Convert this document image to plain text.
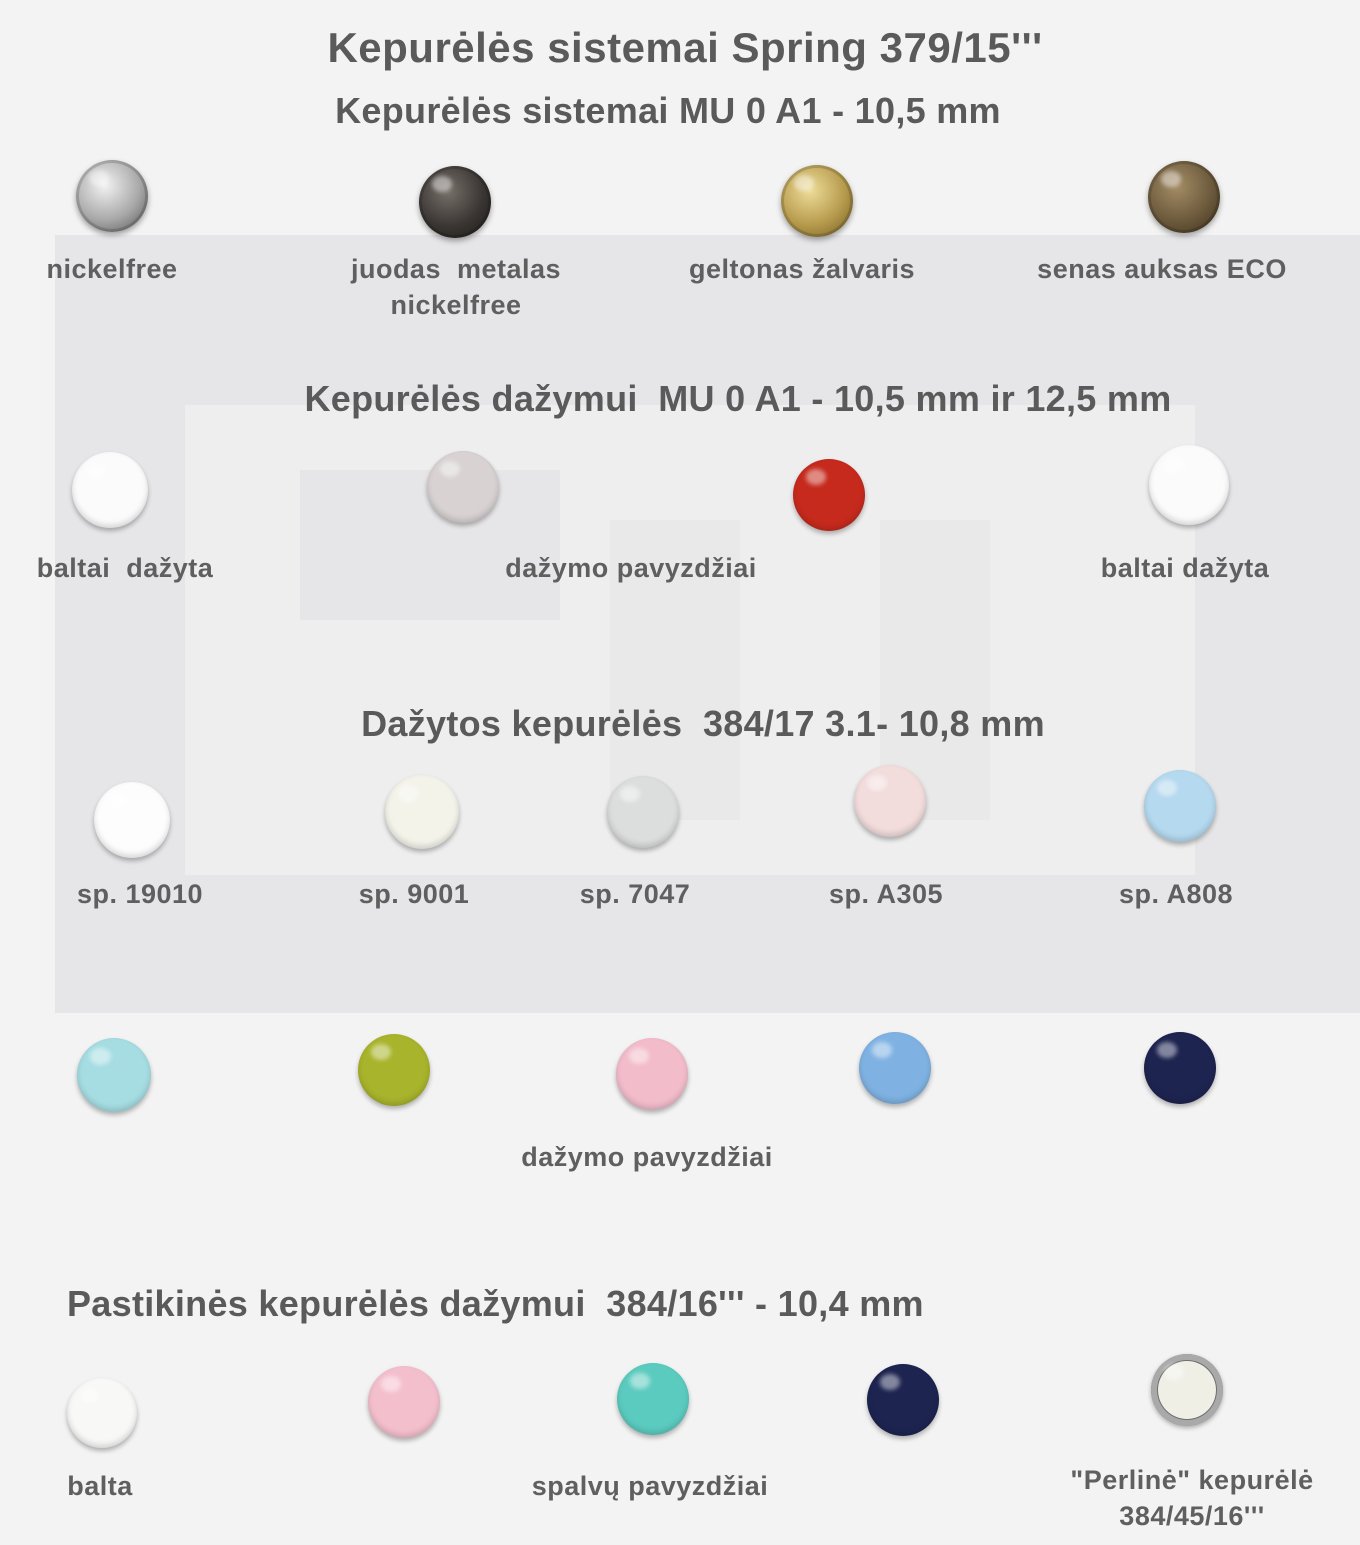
Kepurėlės sistemai Spring 379/15'''
Kepurėlės sistemai MU 0 A1 - 10,5 mm
nickelfree	juodas  metalas
nickelfree
geltonas žalvaris	senas auksas ECO
Kepurėlės dažymui  MU 0 A1 - 10,5 mm ir 12,5 mm
baltai  dažyta	dažymo pavyzdžiai	baltai dažyta
Dažytos kepurėlės  384/17 3.1- 10,8 mm
sp. 19010	sp. 9001	sp. 7047	sp. A305	sp. A808
dažymo pavyzdžiai
Pastikinės kepurėlės dažymui  384/16''' - 10,4 mm
balta	spalvų pavyzdžiai	"Perlinė" kepurėlė
384/45/16'''
